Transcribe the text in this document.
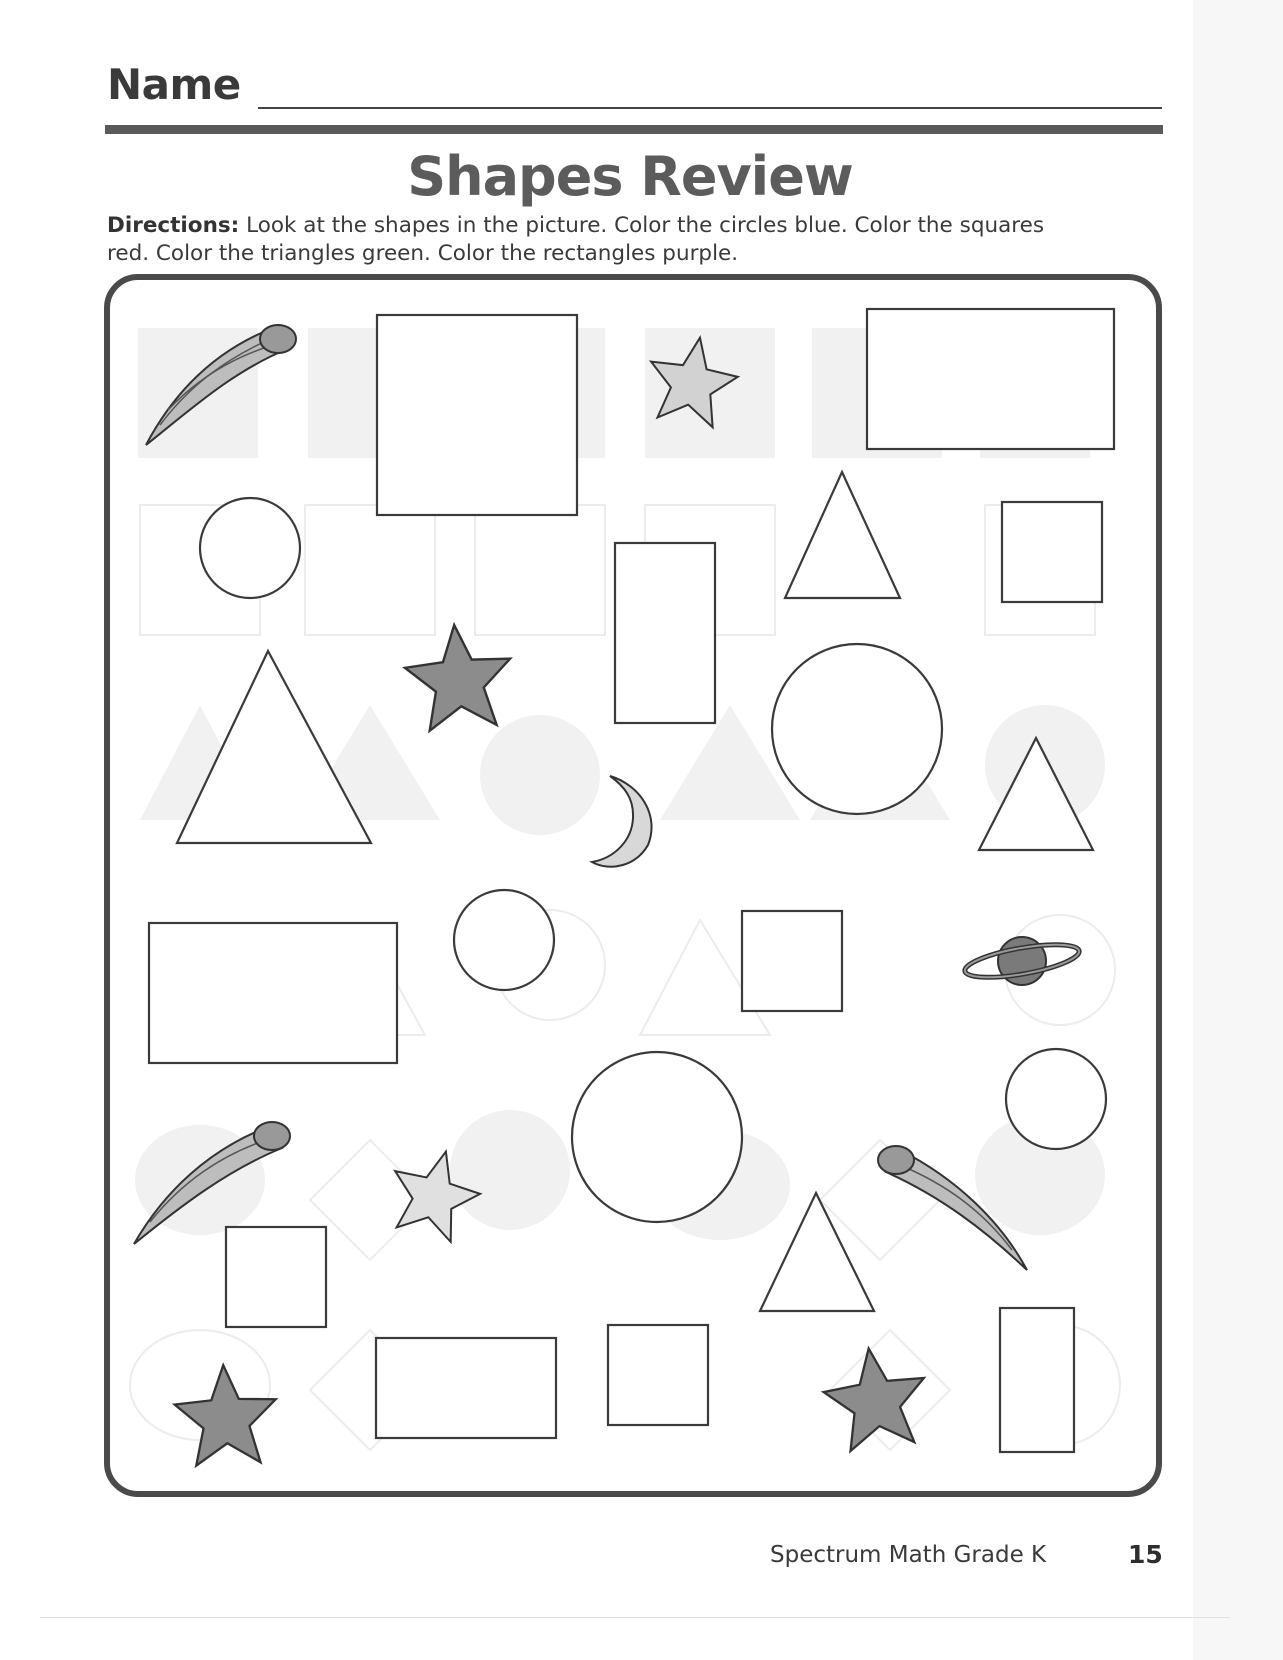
Name
Shapes Review
Directions: Look at the shapes in the picture. Color the circles blue. Color the squares
red. Color the triangles green. Color the rectangles purple.
Spectrum Math Grade K	15
